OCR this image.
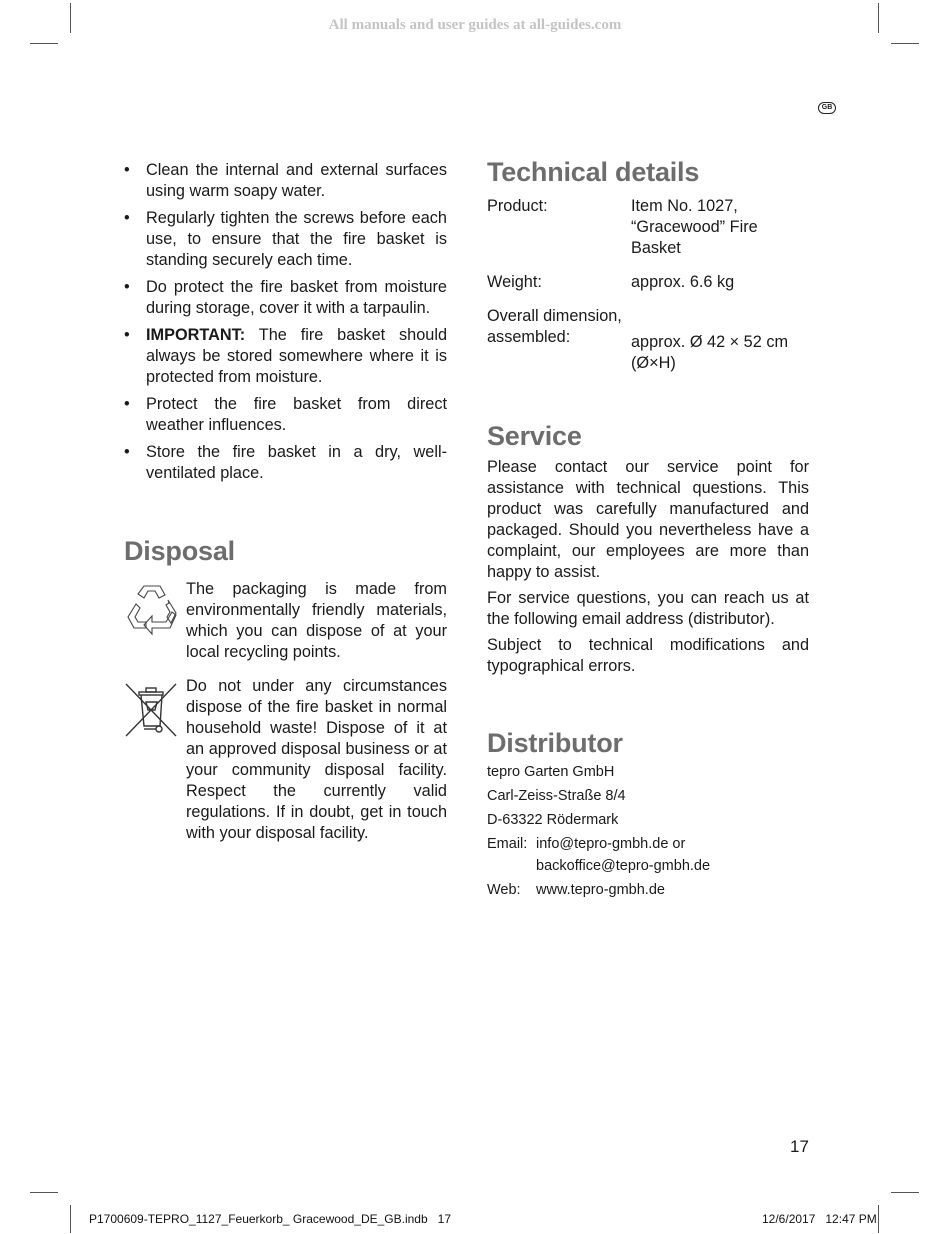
All manuals and user guides at all-guides.com
GB
• Clean the internal and external surfaces using warm soapy water.
• Regularly tighten the screws before each use, to ensure that the fire basket is standing securely each time.
• Do protect the fire basket from moisture during storage, cover it with a tarpaulin.
• IMPORTANT: The fire basket should always be stored somewhere where it is protected from moisture.
• Protect the fire basket from direct weather influences.
• Store the fire basket in a dry, well-ventilated place.
Disposal
The packaging is made from environmentally friendly materials, which you can dispose of at your local recycling points.
Do not under any circumstances dispose of the fire basket in normal household waste! Dispose of it at an approved disposal business or at your community disposal facility. Respect the currently valid regulations. If in doubt, get in touch with your disposal facility.
Technical details
Product:	Item No. 1027, “Gracewood” Fire Basket
Weight:	approx. 6.6 kg
Overall dimension, assembled:	approx. Ø 42 × 52 cm (Ø×H)
Service
Please contact our service point for assistance with technical questions. This product was carefully manufactured and packaged. Should you nevertheless have a complaint, our employees are more than happy to assist.
For service questions, you can reach us at the following email address (distributor).
Subject to technical modifications and typographical errors.
Distributor
tepro Garten GmbH
Carl-Zeiss-Straße 8/4
D-63322 Rödermark
Email: info@tepro-gmbh.de or
backoffice@tepro-gmbh.de
Web: www.tepro-gmbh.de
17
P1700609-TEPRO_1127_Feuerkorb_ Gracewood_DE_GB.indb   17	12/6/2017   12:47 PM
